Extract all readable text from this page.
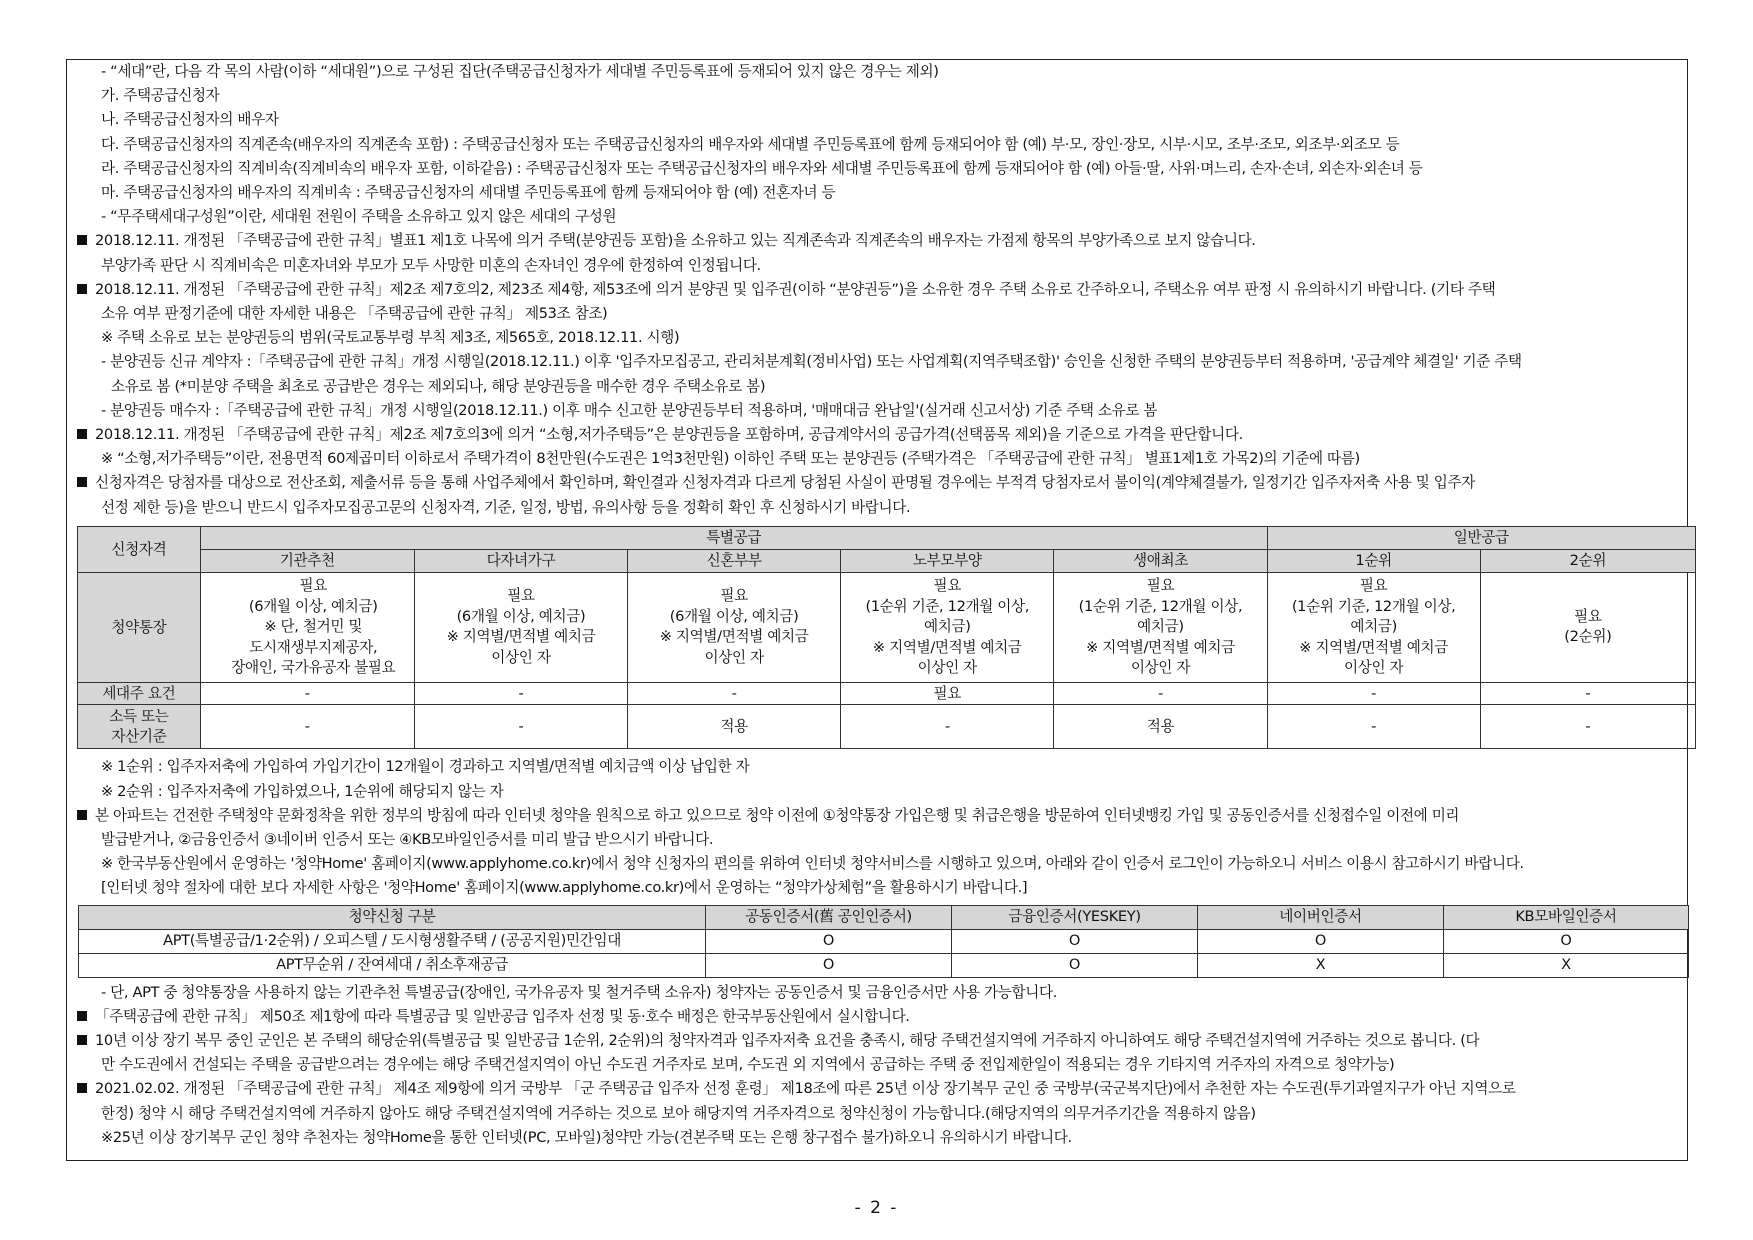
- “세대”란, 다음 각 목의 사람(이하 “세대원”)으로 구성된 집단(주택공급신청자가 세대별 주민등록표에 등재되어 있지 않은 경우는 제외)
가. 주택공급신청자
나. 주택공급신청자의 배우자
다. 주택공급신청자의 직계존속(배우자의 직계존속 포함) : 주택공급신청자 또는 주택공급신청자의 배우자와 세대별 주민등록표에 함께 등재되어야 함 (예) 부·모, 장인·장모, 시부·시모, 조부·조모, 외조부·외조모 등
라. 주택공급신청자의 직계비속(직계비속의 배우자 포함, 이하같음) : 주택공급신청자 또는 주택공급신청자의 배우자와 세대별 주민등록표에 함께 등재되어야 함 (예) 아들·딸, 사위·며느리, 손자·손녀, 외손자·외손녀 등
마. 주택공급신청자의 배우자의 직계비속 : 주택공급신청자의 세대별 주민등록표에 함께 등재되어야 함 (예) 전혼자녀 등
- “무주택세대구성원”이란, 세대원 전원이 주택을 소유하고 있지 않은 세대의 구성원
2018.12.11. 개정된 「주택공급에 관한 규칙」별표1 제1호 나목에 의거 주택(분양권등 포함)을 소유하고 있는 직계존속과 직계존속의 배우자는 가점제 항목의 부양가족으로 보지 않습니다.
부양가족 판단 시 직계비속은 미혼자녀와 부모가 모두 사망한 미혼의 손자녀인 경우에 한정하여 인정됩니다.
2018.12.11. 개정된 「주택공급에 관한 규칙」제2조 제7호의2, 제23조 제4항, 제53조에 의거 분양권 및 입주권(이하 “분양권등”)을 소유한 경우 주택 소유로 간주하오니, 주택소유 여부 판정 시 유의하시기 바랍니다. (기타 주택
소유 여부 판정기준에 대한 자세한 내용은 「주택공급에 관한 규칙」 제53조 참조)
※ 주택 소유로 보는 분양권등의 범위(국토교통부령 부칙 제3조, 제565호, 2018.12.11. 시행)
- 분양권등 신규 계약자 :「주택공급에 관한 규칙」개정 시행일(2018.12.11.) 이후 '입주자모집공고, 관리처분계획(정비사업) 또는 사업계획(지역주택조합)' 승인을 신청한 주택의 분양권등부터 적용하며, '공급계약 체결일' 기준 주택
소유로 봄 (*미분양 주택을 최초로 공급받은 경우는 제외되나, 해당 분양권등을 매수한 경우 주택소유로 봄)
- 분양권등 매수자 :「주택공급에 관한 규칙」개정 시행일(2018.12.11.) 이후 매수 신고한 분양권등부터 적용하며, '매매대금 완납일'(실거래 신고서상) 기준 주택 소유로 봄
2018.12.11. 개정된 「주택공급에 관한 규칙」제2조 제7호의3에 의거 “소형,저가주택등”은 분양권등을 포함하며, 공급계약서의 공급가격(선택품목 제외)을 기준으로 가격을 판단합니다.
※ “소형,저가주택등”이란, 전용면적 60제곱미터 이하로서 주택가격이 8천만원(수도권은 1억3천만원) 이하인 주택 또는 분양권등 (주택가격은 「주택공급에 관한 규칙」 별표1제1호 가목2)의 기준에 따름)
신청자격은 당첨자를 대상으로 전산조회, 제출서류 등을 통해 사업주체에서 확인하며, 확인결과 신청자격과 다르게 당첨된 사실이 판명될 경우에는 부적격 당첨자로서 불이익(계약체결불가, 일정기간 입주자저축 사용 및 입주자
선정 제한 등)을 받으니 반드시 입주자모집공고문의 신청자격, 기준, 일정, 방법, 유의사항 등을 정확히 확인 후 신청하시기 바랍니다.
신청자격	특별공급					일반공급	
	기관추천	다자녀가구	신혼부부	노부모부양	생애최초	1순위	2순위
청약통장	필요
(6개월 이상, 예치금)
※ 단, 철거민 및
도시재생부지제공자,
장애인, 국가유공자 불필요	필요
(6개월 이상, 예치금)
※ 지역별/면적별 예치금
이상인 자	필요
(6개월 이상, 예치금)
※ 지역별/면적별 예치금
이상인 자	필요
(1순위 기준, 12개월 이상,
예치금)
※ 지역별/면적별 예치금
이상인 자	필요
(1순위 기준, 12개월 이상,
예치금)
※ 지역별/면적별 예치금
이상인 자	필요
(1순위 기준, 12개월 이상,
예치금)
※ 지역별/면적별 예치금
이상인 자	필요
(2순위)
세대주 요건	-	-	-	필요	-	-	-
소득 또는
자산기준	-	-	적용	-	적용	-	-
※ 1순위 : 입주자저축에 가입하여 가입기간이 12개월이 경과하고 지역별/면적별 예치금액 이상 납입한 자
※ 2순위 : 입주자저축에 가입하였으나, 1순위에 해당되지 않는 자
본 아파트는 건전한 주택청약 문화정착을 위한 정부의 방침에 따라 인터넷 청약을 원칙으로 하고 있으므로 청약 이전에 ①청약통장 가입은행 및 취급은행을 방문하여 인터넷뱅킹 가입 및 공동인증서를 신청접수일 이전에 미리
발급받거나, ②금융인증서 ③네이버 인증서 또는 ④KB모바일인증서를 미리 발급 받으시기 바랍니다.
※ 한국부동산원에서 운영하는 '청약Home' 홈페이지(www.applyhome.co.kr)에서 청약 신청자의 편의를 위하여 인터넷 청약서비스를 시행하고 있으며, 아래와 같이 인증서 로그인이 가능하오니 서비스 이용시 참고하시기 바랍니다.
[인터넷 청약 절차에 대한 보다 자세한 사항은 '청약Home' 홈페이지(www.applyhome.co.kr)에서 운영하는 “청약가상체험”을 활용하시기 바랍니다.]
청약신청 구분	공동인증서(舊 공인인증서)	금융인증서(YESKEY)	네이버인증서	KB모바일인증서
APT(특별공급/1·2순위) / 오피스텔 / 도시형생활주택 / (공공지원)민간임대	O	O	O	O
APT무순위 / 잔여세대 / 취소후재공급	O	O	X	X
- 단, APT 중 청약통장을 사용하지 않는 기관추천 특별공급(장애인, 국가유공자 및 철거주택 소유자) 청약자는 공동인증서 및 금융인증서만 사용 가능합니다.
「주택공급에 관한 규칙」 제50조 제1항에 따라 특별공급 및 일반공급 입주자 선정 및 동·호수 배정은 한국부동산원에서 실시합니다.
10년 이상 장기 복무 중인 군인은 본 주택의 해당순위(특별공급 및 일반공급 1순위, 2순위)의 청약자격과 입주자저축 요건을 충족시, 해당 주택건설지역에 거주하지 아니하여도 해당 주택건설지역에 거주하는 것으로 봅니다. (다
만 수도권에서 건설되는 주택을 공급받으려는 경우에는 해당 주택건설지역이 아닌 수도권 거주자로 보며, 수도권 외 지역에서 공급하는 주택 중 전입제한일이 적용되는 경우 기타지역 거주자의 자격으로 청약가능)
2021.02.02. 개정된 「주택공급에 관한 규칙」 제4조 제9항에 의거 국방부 「군 주택공급 입주자 선정 훈령」 제18조에 따른 25년 이상 장기복무 군인 중 국방부(국군복지단)에서 추천한 자는 수도권(투기과열지구가 아닌 지역으로
한정) 청약 시 해당 주택건설지역에 거주하지 않아도 해당 주택건설지역에 거주하는 것으로 보아 해당지역 거주자격으로 청약신청이 가능합니다.(해당지역의 의무거주기간을 적용하지 않음)
※25년 이상 장기복무 군인 청약 추천자는 청약Home을 통한 인터넷(PC, 모바일)청약만 가능(견본주택 또는 은행 창구접수 불가)하오니 유의하시기 바랍니다.
- 2 -
